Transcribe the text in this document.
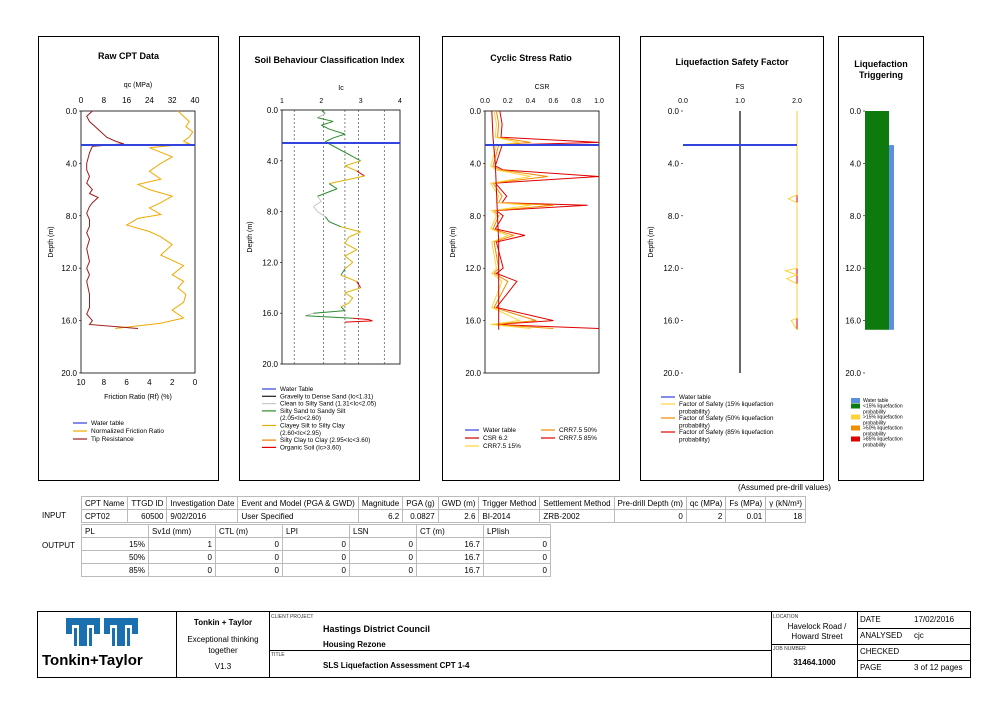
Raw CPT Data
0.0
4.0
8.0
12.0
16.0
20.0
Depth (m)
qc (MPa)
0 8 16 24 32 40
10 8 6 4 2 0
Friction Ratio (Rf) (%)
Water table
Normalized Friction Ratio
Tip Resistance
Soil Behaviour Classification Index
0.0
4.0
8.0
12.0
16.0
20.0
Depth (m)
Ic
1	2	3	4
Water Table
Gravelly to Dense Sand (Ic<1.31)
Clean to Silty Sand (1.31<Ic<2.05)
Silty Sand to Sandy Silt
(2.05<Ic<2.60)
Clayey Silt to Silty Clay
(2.60<Ic<2.95)
Silty Clay to Clay (2.95<Ic<3.60)
Organic Soil (Ic>3.60)
Cyclic Stress Ratio
0.0
4.0
8.0
12.0
16.0
20.0
Depth (m)
CSR
0.0 0.2 0.4 0.6 0.8 1.0
Water table
CSR 6.2
CRR7.5 15%
CRR7.5 50%
CRR7.5 85%
Liquefaction Safety Factor
0.0
4.0
8.0
12.0
16.0
20.0
Depth (m)
FS
0.0	1.0	2.0
Water table
Factor of Safety (15% liquefaction
probability)
Factor of Safety (50% liquefaction
probability)
Factor of Safety (85% liquefaction
probability)
Liquefaction Triggering
0.0
4.0
8.0
12.0
16.0
20.0
Water table
<15% liquefaction
probability
>15% liquefaction
probability
>50% liquefaction
probability
>85% liquefaction
probability
(Assumed pre-drill values)
INPUT
CPT Name	TTGD ID	Investigation Date	Event and Model (PGA & GWD)	Magnitude	PGA (g)	GWD (m)	Trigger Method	Settlement Method	Pre-drill Depth (m)	qc (MPa)	Fs (MPa)	γ (kN/m³)
CPT02	60500	9/02/2016	User Specified	6.2	0.0827	2.6	BI-2014	ZRB-2002	0	2	0.01	18
OUTPUT
PL	Sv1d (mm)	CTL (m)	LPI	LSN	CT (m)	LPIish
15%	1	0	0	0	16.7	0
50%	0	0	0	0	16.7	0
85%	0	0	0	0	16.7	0
Tonkin+Taylor
Tonkin + Taylor
Exceptional thinking together
V1.3
CLIENT PROJECT
Hastings District Council
Housing Rezone
TITLE
SLS Liquefaction Assessment CPT 1-4
LOCATION
Havelock Road / Howard Street
JOB NUMBER
31464.1000
DATE	17/02/2016
ANALYSED cjc
CHECKED
PAGE	3 of 12 pages
